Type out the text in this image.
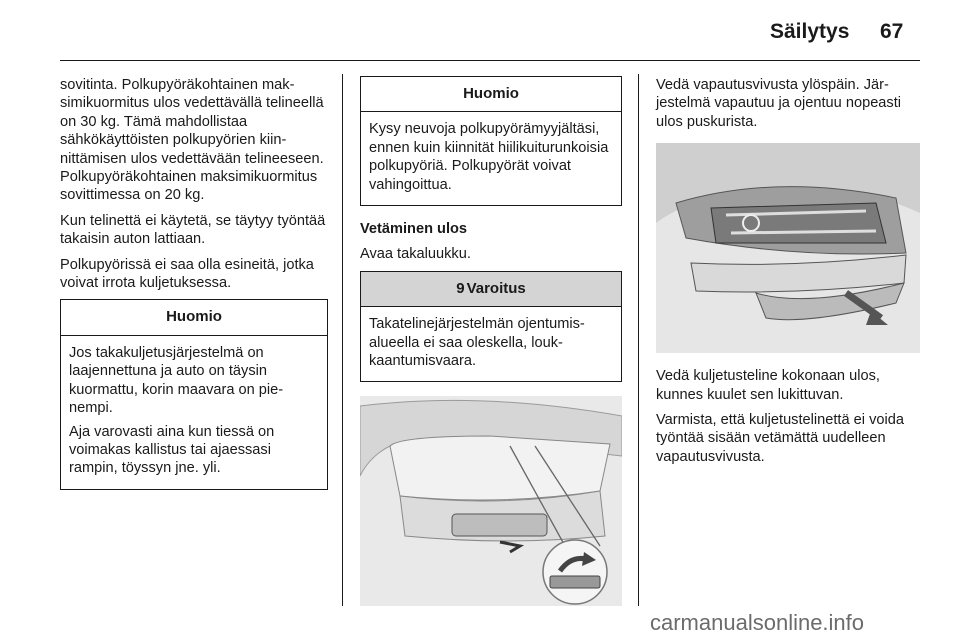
Säilytys 67

sovitinta. Polkupyöräkohtainen maksimikuormitus ulos vedettävällä telineellä on 30 kg. Tämä mahdollistaa sähkökäyttöisten polkupyörien kiinnittämisen ulos vedettävään telineeseen. Polkupyöräkohtainen maksimikuormitus sovittimessa on 20 kg.

Kun telinettä ei käytetä, se täytyy työntää takaisin auton lattiaan.

Polkupyörissä ei saa olla esineitä, jotka voivat irrota kuljetuksessa.

Huomio

Jos takakuljetusjärjestelmä on laajennettuna ja auto on täysin kuormattu, korin maavara on pienempi.

Aja varovasti aina kun tiessä on voimakas kallistus tai ajaessasi rampin, töyssyn jne. yli.

Huomio

Kysy neuvoja polkupyörämyyjältäsi, ennen kuin kiinnität hiilikuiturunkoisia polkupyöriä. Polkupyörät voivat vahingoittua.

Vetäminen ulos

Avaa takaluukku.

9 Varoitus

Takatelinejärjestelmän ojentumisalueella ei saa oleskella, loukkaantumisvaara.

Vedä vapautusvivusta ylöspäin. Järjestelmä vapautuu ja ojentuu nopeasti ulos puskurista.

Vedä kuljetusteline kokonaan ulos, kunnes kuulet sen lukittuvan.

Varmista, että kuljetustelinettä ei voida työntää sisään vetämättä uudelleen vapautusvivusta.

carmanualsonline.info
